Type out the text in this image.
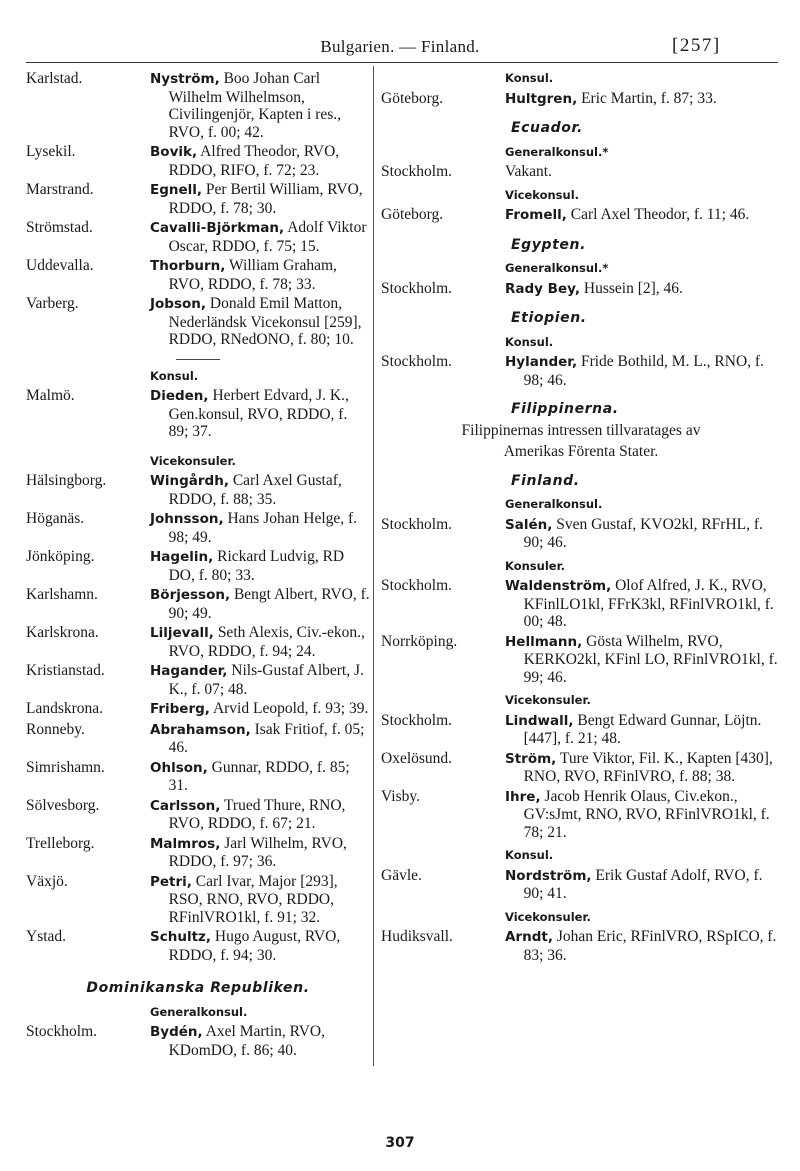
Bulgarien. — Finland.	[257]
Karlstad.	Nyström, Boo Johan Carl Wilhelm Wilhelmson, Civilingenjör, Kapten i res., RVO, f. 00; 42.
Lysekil.	Bovik, Alfred Theodor, RVO, RDDO, RIFO, f. 72; 23.
Marstrand.	Egnell, Per Bertil William, RVO, RDDO, f. 78; 30.
Strömstad.	Cavalli-Björkman, Adolf Viktor Oscar, RDDO, f. 75; 15.
Uddevalla.	Thorburn, William Graham, RVO, RDDO, f. 78; 33.
Varberg.	Jobson, Donald Emil Matton, Nederländsk Vicekonsul [259], RDDO, RNedONO, f. 80; 10.
Konsul.
Malmö.	Dieden, Herbert Edvard, J. K., Gen.konsul, RVO, RDDO, f. 89; 37.
Vicekonsuler.
Hälsingborg.	Wingårdh, Carl Axel Gustaf, RDDO, f. 88; 35.
Höganäs.	Johnsson, Hans Johan Helge, f. 98; 49.
Jönköping.	Hagelin, Rickard Ludvig, RD DO, f. 80; 33.
Karlshamn.	Börjesson, Bengt Albert, RVO, f. 90; 49.
Karlskrona.	Liljevall, Seth Alexis, Civ.-ekon., RVO, RDDO, f. 94; 24.
Kristianstad.	Hagander, Nils-Gustaf Albert, J. K., f. 07; 48.
Landskrona.	Friberg, Arvid Leopold, f. 93; 39.
Ronneby.	Abrahamson, Isak Fritiof, f. 05; 46.
Simrishamn.	Ohlson, Gunnar, RDDO, f. 85; 31.
Sölvesborg.	Carlsson, Trued Thure, RNO, RVO, RDDO, f. 67; 21.
Trelleborg.	Malmros, Jarl Wilhelm, RVO, RDDO, f. 97; 36.
Växjö.	Petri, Carl Ivar, Major [293], RSO, RNO, RVO, RDDO, RFinlVRO1kl, f. 91; 32.
Ystad.	Schultz, Hugo August, RVO, RDDO, f. 94; 30.
Dominikanska Republiken.
Generalkonsul.
Stockholm.	Bydén, Axel Martin, RVO, KDomDO, f. 86; 40.
Konsul.
Göteborg.	Hultgren, Eric Martin, f. 87; 33.
Ecuador.
Generalkonsul.*
Stockholm.	Vakant.
Vicekonsul.
Göteborg.	Fromell, Carl Axel Theodor, f. 11; 46.
Egypten.
Generalkonsul.*
Stockholm.	Rady Bey, Hussein [2], 46.
Etiopien.
Konsul.
Stockholm.	Hylander, Fride Bothild, M. L., RNO, f. 98; 46.
Filippinerna.
Filippinernas intressen tillvaratages av
Amerikas Förenta Stater.
Finland.
Generalkonsul.
Stockholm.	Salén, Sven Gustaf, KVO2kl, RFrHL, f. 90; 46.
Konsuler.
Stockholm.	Waldenström, Olof Alfred, J. K., RVO, KFinlLO1kl, FFrK3kl, RFinlVRO1kl, f. 00; 48.
Norrköping.	Hellmann, Gösta Wilhelm, RVO, KERKO2kl, KFinl LO, RFinlVRO1kl, f. 99; 46.
Vicekonsuler.
Stockholm.	Lindwall, Bengt Edward Gunnar, Löjtn. [447], f. 21; 48.
Oxelösund.	Ström, Ture Viktor, Fil. K., Kapten [430], RNO, RVO, RFinlVRO, f. 88; 38.
Visby.	Ihre, Jacob Henrik Olaus, Civ.ekon., GV:sJmt, RNO, RVO, RFinlVRO1kl, f. 78; 21.
Konsul.
Gävle.	Nordström, Erik Gustaf Adolf, RVO, f. 90; 41.
Vicekonsuler.
Hudiksvall.	Arndt, Johan Eric, RFinlVRO, RSpICO, f. 83; 36.
307
